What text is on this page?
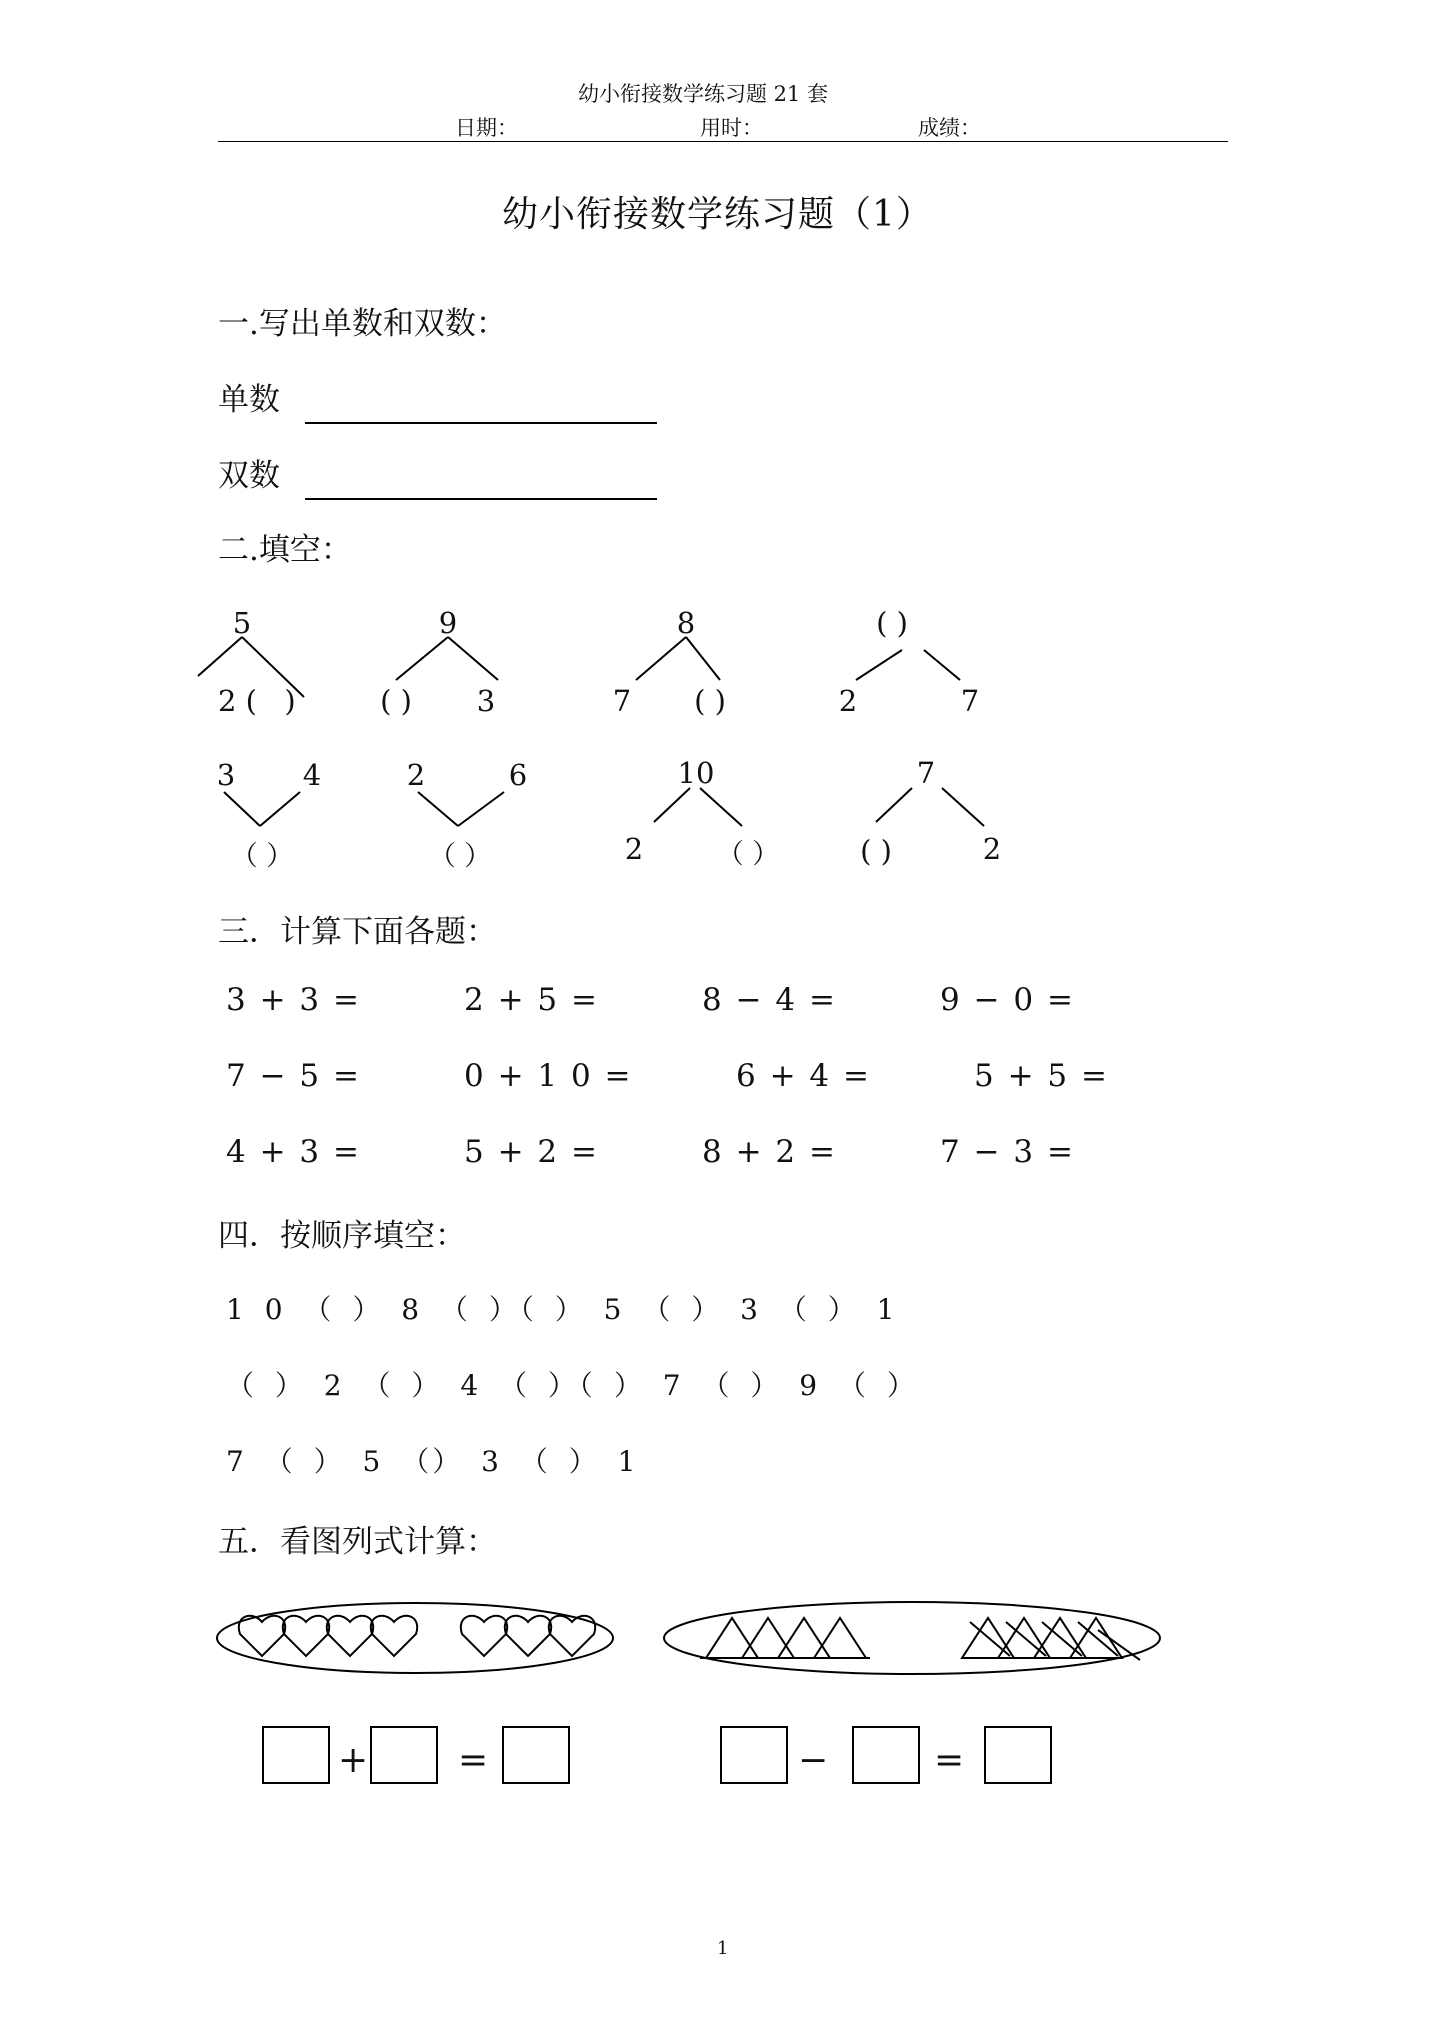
幼小衔接数学练习题 21 套
日期：	用时：	成绩：
幼小衔接数学练习题（1）
一.写出单数和双数：
单数
双数
二.填空：
5
2 ( )
9
( )	3
8
7	( )
( )
2	7
3	4
（ ）
2	6
（ ）
10
2	（ ）
7
( )	2
三．计算下面各题：
3 + 3 =	2 + 5 =	8 − 4 =	9 − 0 =
7 − 5 =	0 + 1 0 =	6 + 4 =	5 + 5 =
4 + 3 =	5 + 2 =	8 + 2 =	7 − 3 =
四．按顺序填空：
1 0 （ ） 8 （ ）（ ） 5 （ ） 3 （ ） 1
（ ） 2 （ ） 4 （ ）（ ） 7 （ ） 9 （ ）
7 （ ） 5 （） 3 （ ） 1
五．看图列式计算：
+ =	−	=
1
